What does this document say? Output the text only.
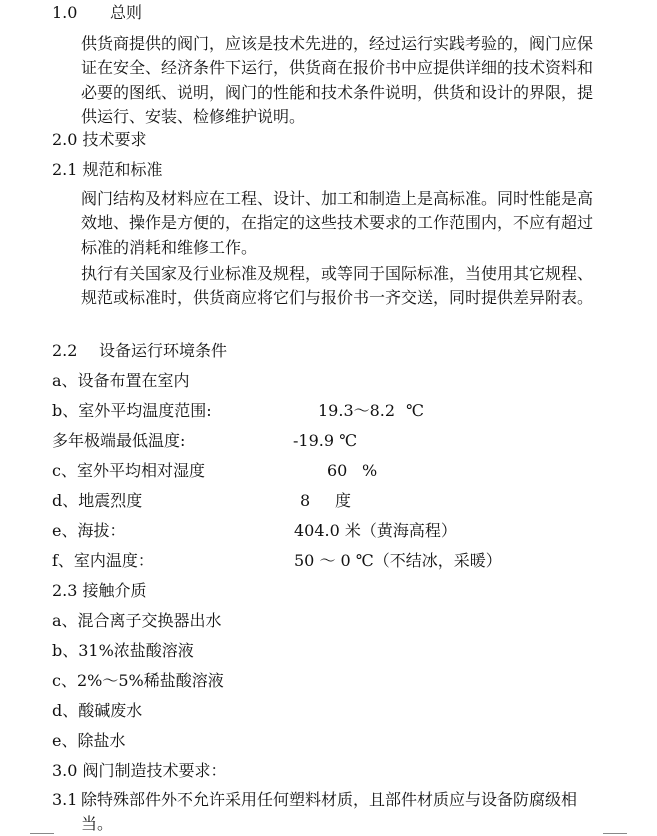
1.0 总则
供货商提供的阀门，应该是技术先进的，经过运行实践考验的，阀门应保证在安全、经济条件下运行，供货商在报价书中应提供详细的技术资料和必要的图纸、说明，阀门的性能和技术条件说明，供货和设计的界限，提供运行、安装、检修维护说明。
2.0 技术要求
2.1 规范和标准
阀门结构及材料应在工程、设计、加工和制造上是高标准。同时性能是高效地、操作是方便的，在指定的这些技术要求的工作范围内，不应有超过标准的消耗和维修工作。
执行有关国家及行业标准及规程，或等同于国际标准，当使用其它规程、规范或标准时，供货商应将它们与报价书一齐交送，同时提供差异附表。
2.2 设备运行环境条件
a、设备布置在室内
b、室外平均温度范围:	19.3～8.2 ℃
多年极端最低温度:	-19.9 ℃
c、室外平均相对湿度	60 %
d、地震烈度	8 度
e、海拔：	404.0 米（黄海高程）
f、室内温度：	50 ～ 0 ℃（不结冰，采暖）
2.3 接触介质
a、混合离子交换器出水
b、31%浓盐酸溶液
c、2%～5%稀盐酸溶液
d、酸碱废水
e、除盐水
3.0 阀门制造技术要求：
3.1 除特殊部件外不允许采用任何塑料材质，且部件材质应与设备防腐级相当。
